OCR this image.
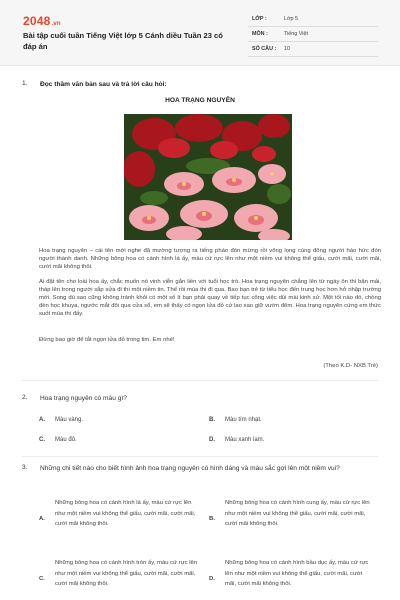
2048.vn
Bài tập cuối tuần Tiếng Việt lớp 5 Cánh diều Tuần 23 có đáp án
LỚP :	Lớp 5
MÔN :	Tiếng Việt
SỐ CÂU :	10
1.	Đọc thầm văn bản sau và trả lời câu hỏi:
HOA TRẠNG NGUYÊN
Hoa trạng nguyên – cái tên mới nghe đã mường tượng ra tiếng pháo đón mừng rồi võng lọng cùng đông người háo hức đón người thành danh. Những bông hoa có cánh hình lá ấy, màu cứ rực lên như một niềm vui không thể giấu, cười mãi, cười mãi, cười mãi không thôi.
Ai đặt tên cho loài hoa ấy, chắc muốn nó vinh viễn gắn liền với tuổi học trò. Hoa trạng nguyên chẳng lên từ ngày ôn thi bận mải, tháp lên trong người sắp sửa đi thi một niềm tin. Thế rồi mùa thi đi qua. Bao bạn trẻ từ tiểu học đến trung học hơn hở nhập trường mới. Song dù sao cũng không tránh khỏi có một số ít bạn phải quay về tiếp tục công việc dùi mài kinh sử. Một tối nào đó, chồng đèn học khuya, ngước mắt đôi qua cửa sổ, em sẽ thấy có ngọn lửa đỏ cứ lao xao giữ vườn đêm. Hoa trạng nguyên cứng em thức suốt mùa thi đấy.
Đừng bao giờ để tắt ngọn lửa đỏ trong tim. Em nhé!
(Theo K.D- NXB Trẻ)
2.	Hoa trạng nguyên có màu gì?
A.	Màu vàng.	B.	Màu tím nhạt.
C.	Màu đỏ.	D.	Màu xanh lam.
3.	Những chi tiết nào cho biết hình ảnh hoa trạng nguyên có hình dáng và màu sắc gợi lên một niềm vui?
A.
Những bông hoa có cánh hình lá ấy, màu cứ rực lên như một niềm vui không thể giấu, cười mãi, cười mãi, cười mãi không thôi.
B.
Những bông hoa có cánh hình cung ấy, màu cứ rực lên như một niềm vui không thể giấu, cười mãi, cười mãi, cười mãi không thôi.
C.
Những bông hoa có cánh hình tròn ấy, màu cứ rực lên như một niềm vui không thể giấu, cười mãi, cười mãi, cười mãi không thôi.
D.
Những bông hoa có cánh hình bầu dục ấy, màu cứ rực lên như một niềm vui không thể giấu, cười mãi, cười mãi, cười mãi không thôi.
